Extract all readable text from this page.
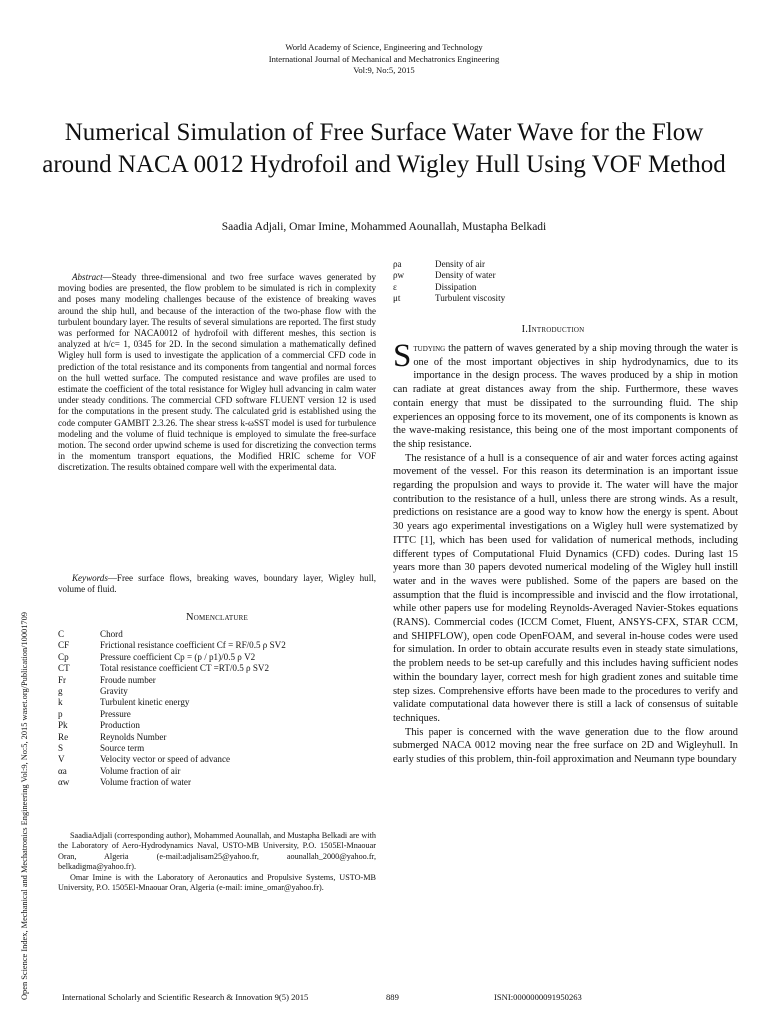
World Academy of Science, Engineering and Technology
International Journal of Mechanical and Mechatronics Engineering
Vol:9, No:5, 2015
Numerical Simulation of Free Surface Water Wave for the Flow around NACA 0012 Hydrofoil and Wigley Hull Using VOF Method
Saadia Adjali, Omar Imine, Mohammed Aounallah, Mustapha Belkadi
Open Science Index, Mechanical and Mechatronics Engineering Vol:9, No:5, 2015 waset.org/Publication/10001709

Abstract—Steady three-dimensional and two free surface waves generated by moving bodies are presented, the flow problem to be simulated is rich in complexity and poses many modeling challenges because of the existence of breaking waves around the ship hull, and because of the interaction of the two-phase flow with the turbulent boundary layer. The results of several simulations are reported. The first study was performed for NACA0012 of hydrofoil with different meshes, this section is analyzed at h/c= 1, 0345 for 2D. In the second simulation a mathematically defined Wigley hull form is used to investigate the application of a commercial CFD code in prediction of the total resistance and its components from tangential and normal forces on the hull wetted surface. The computed resistance and wave profiles are used to estimate the coefficient of the total resistance for Wigley hull advancing in calm water under steady conditions. The commercial CFD software FLUENT version 12 is used for the computations in the present study. The calculated grid is established using the code computer GAMBIT 2.3.26. The shear stress k-ωSST model is used for turbulence modeling and the volume of fluid technique is employed to simulate the free-surface motion. The second order upwind scheme is used for discretizing the convection terms in the momentum transport equations, the Modified HRIC scheme for VOF discretization. The results obtained compare well with the experimental data.

Keywords—Free surface flows, breaking waves, boundary layer, Wigley hull, volume of fluid.

Nomenclature
C	Chord
CF	Frictional resistance coefficient Cf = RF/0.5 ρ SV2
Cp	Pressure coefficient Cp = (p / p1)/0.5 ρ V2
CT	Total resistance coefficient CT =RT/0.5 ρ SV2
Fr	Froude number
g	Gravity
k	Turbulent kinetic energy
p	Pressure
Pk	Production
Re	Reynolds Number
S	Source term
V	Velocity vector or speed of advance
αa	Volume fraction of air
αw	Volume fraction of water

SaadiaAdjali (corresponding author), Mohammed Aounallah, and Mustapha Belkadi are with the Laboratory of Aero-Hydrodynamics Naval, USTO-MB University, P.O. 1505El-Mnaouar Oran, Algeria (e-mail:adjalisam25@yahoo.fr, aounallah_2000@yahoo.fr, belkadigma@yahoo.fr).

Omar Imine is with the Laboratory of Aeronautics and Propulsive Systems, USTO-MB University, P.O. 1505El-Mnaouar Oran, Algeria (e-mail: imine_omar@yahoo.fr).

ρa	Density of air
ρw	Density of water
ε	Dissipation
μt	Turbulent viscosity
I.Introduction

Studying the pattern of waves generated by a ship moving through the water is one of the most important objectives in ship hydrodynamics, due to its importance in the design process. The waves produced by a ship in motion can radiate at great distances away from the ship. Furthermore, these waves contain energy that must be dissipated to the surrounding fluid. The ship experiences an opposing force to its movement, one of its components is known as the wave-making resistance, this being one of the most important components of the ship resistance.

The resistance of a hull is a consequence of air and water forces acting against movement of the vessel. For this reason its determination is an important issue regarding the propulsion and ways to provide it. The water will have the major contribution to the resistance of a hull, unless there are strong winds. As a result, predictions on resistance are a good way to know how the energy is spent. About 30 years ago experimental investigations on a Wigley hull were systematized by ITTC [1], which has been used for validation of numerical methods, including different types of Computational Fluid Dynamics (CFD) codes. During last 15 years more than 30 papers devoted numerical modeling of the Wigley hull instill water and in the waves were published. Some of the papers are based on the assumption that the fluid is incompressible and inviscid and the flow irrotational, while other papers use for modeling Reynolds-Averaged Navier-Stokes equations (RANS). Commercial codes (ICCM Comet, Fluent, ANSYS-CFX, STAR CCM, and SHIPFLOW), open code OpenFOAM, and several in-house codes were used for simulation. In order to obtain accurate results even in steady state simulations, the problem needs to be set-up carefully and this includes having sufficient nodes within the boundary layer, correct mesh for high gradient zones and suitable time step sizes. Comprehensive efforts have been made to the procedures to verify and validate computational data however there is still a lack of consensus of suitable techniques.

This paper is concerned with the wave generation due to the flow around submerged NACA 0012 moving near the free surface on 2D and Wigleyhull. In early studies of this problem, thin-foil approximation and Neumann type boundary

International Scholarly and Scientific Research & Innovation 9(5) 2015	889	ISNI:0000000091950263
